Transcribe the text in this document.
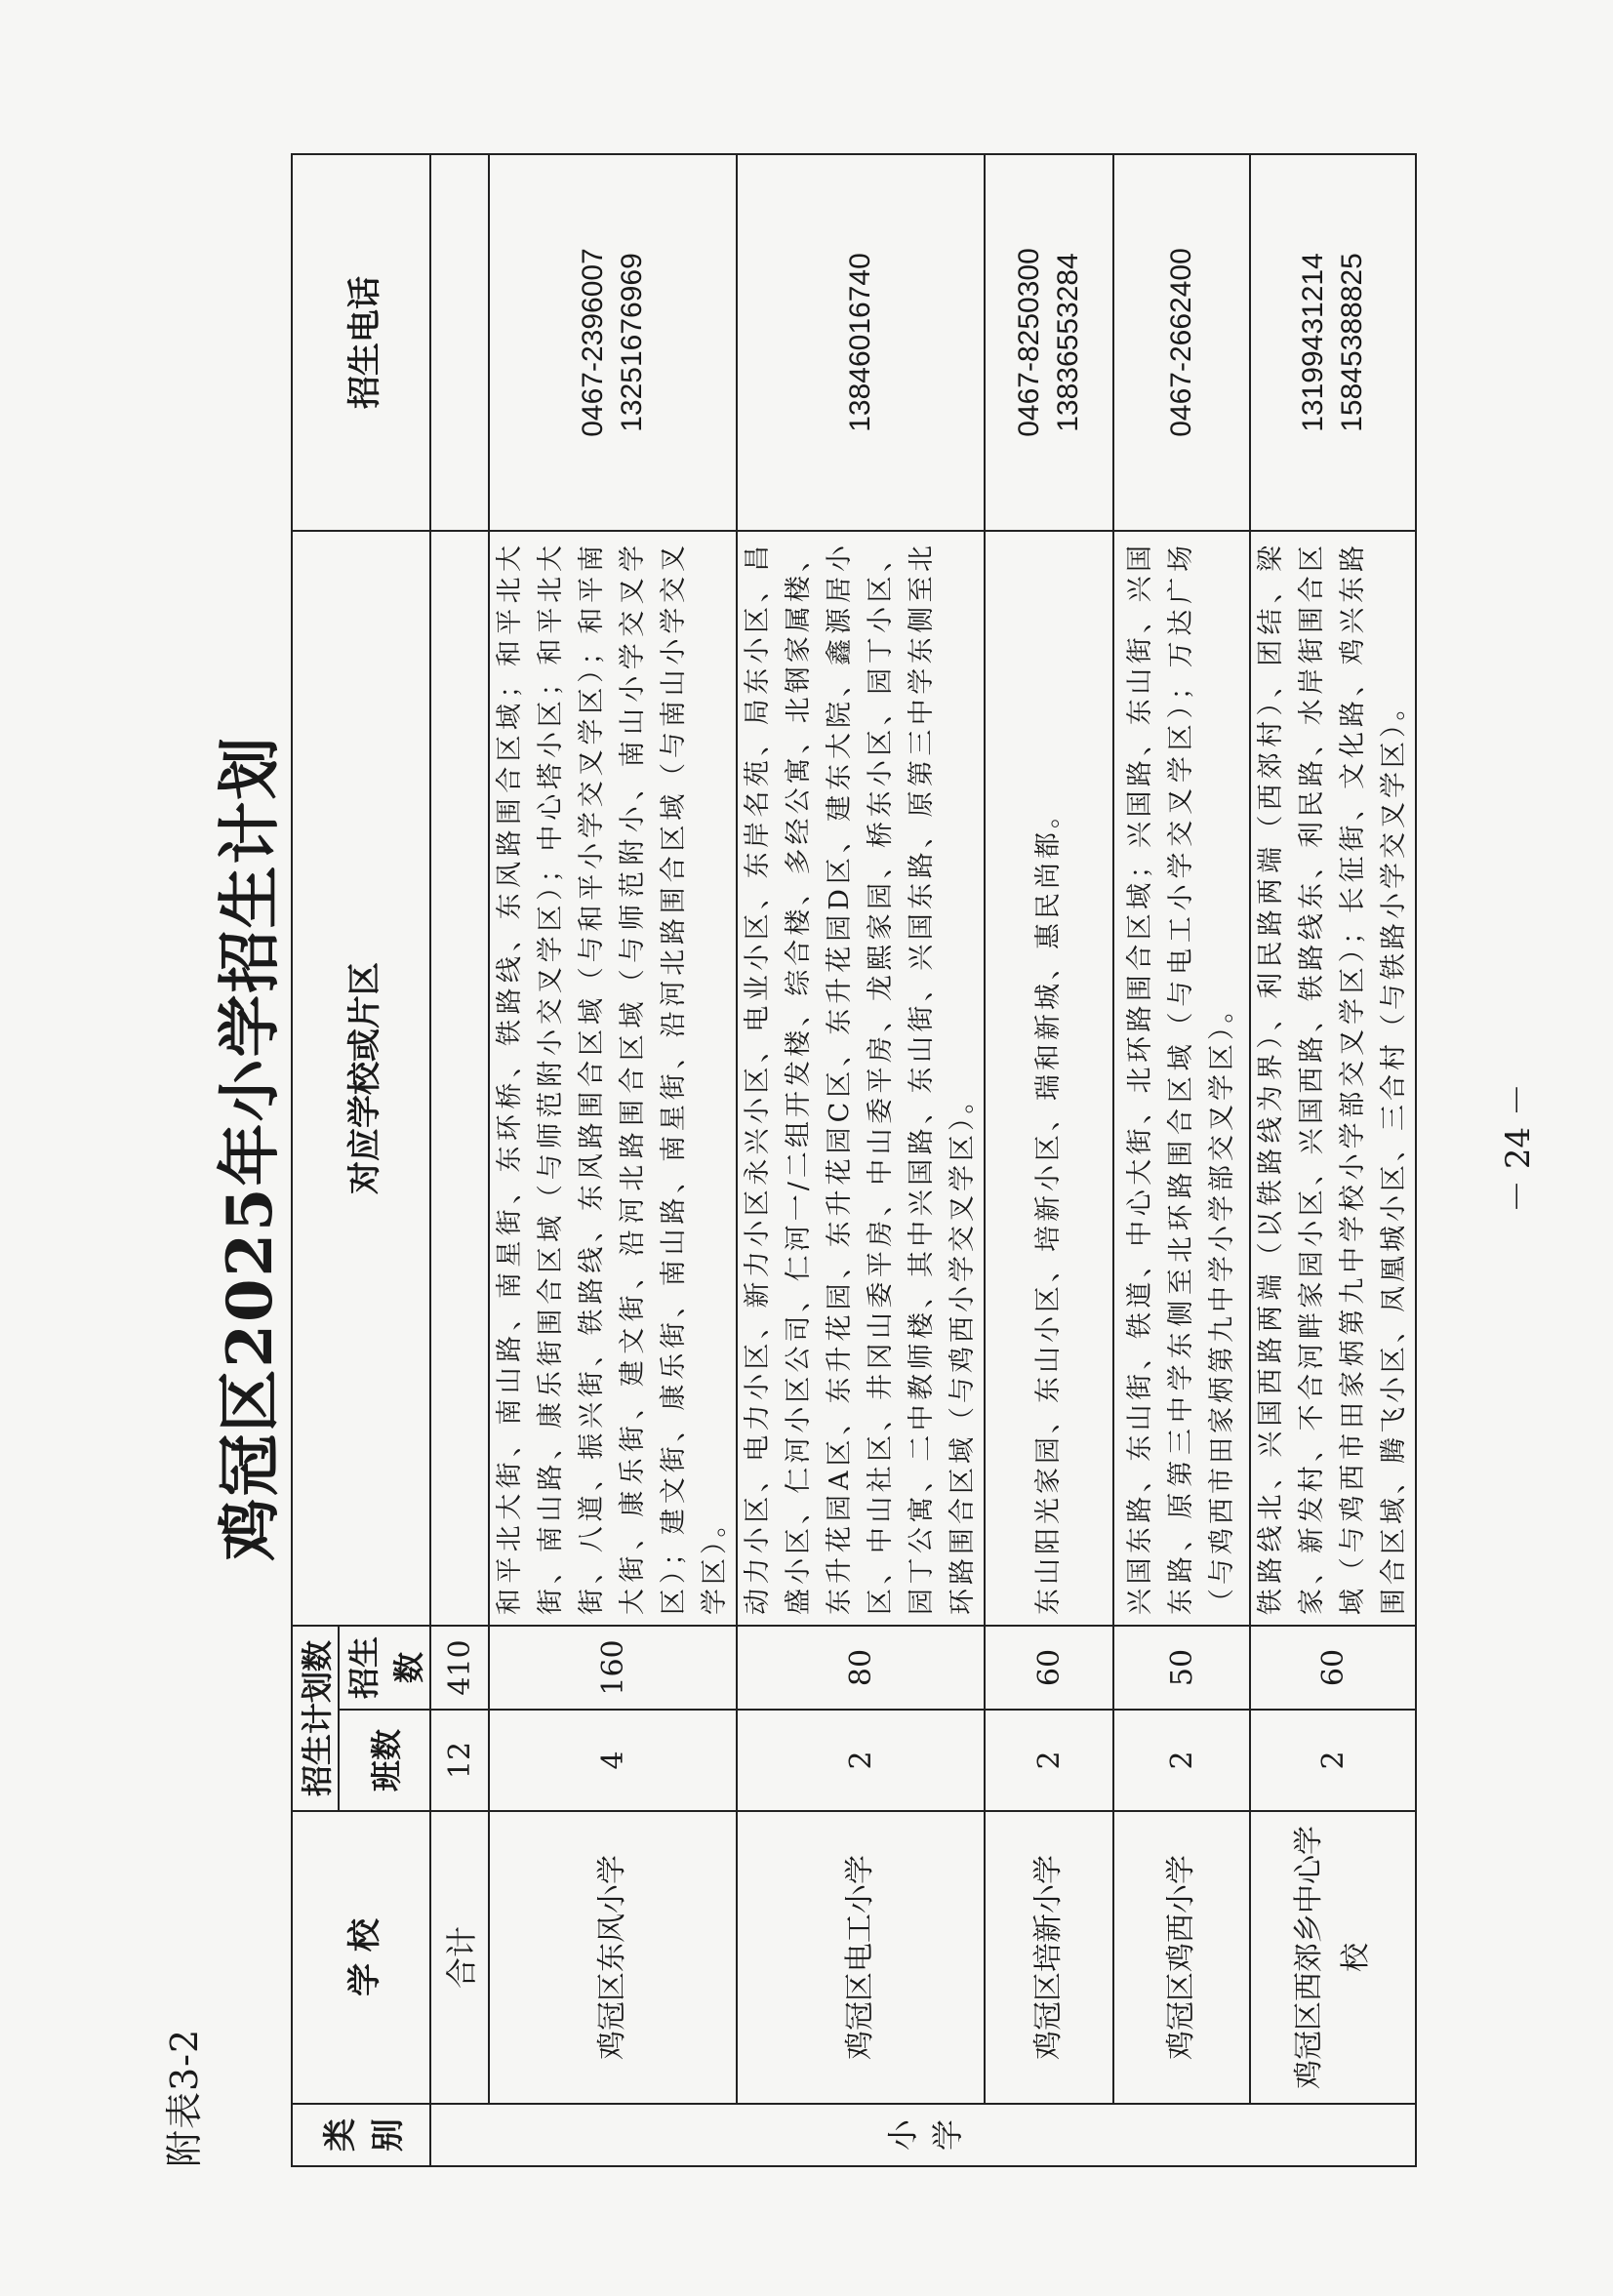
附表3-2
鸡冠区2025年小学招生计划
类 别	学 校	招生计划数		对应学校或片区	招生电话
		班数	招生数		
小学	合计	12	410		
	鸡冠区东风小学	4	160	和平北大街、南山路、南星街、东环桥、铁路线、东风路围合区域；和平北大街、南山路、康乐街围合区域（与师范附小交叉学区）；中心塔小区；和平北大街、八道、振兴街、铁路线、东风路围合区域（与和平小学交叉学区）；和平南大街、康乐街、建文街、沿河北路围合区域（与师范附小、南山小学交叉学区）；建文街、康乐街、南山路、南星街、沿河北路围合区域（与南山小学交叉学区）。	0467-2396007 13251676969

	鸡冠区电工小学	2	80	动力小区、电力小区、新力小区永兴小区、电业小区、东岸名苑、局东小区、昌盛小区、仁河小区公司、仁河一/二组开发楼、综合楼、多经公寓、北钢家属楼、东升花园A区、东升花园、东升花园C区、东升花园D区、建东大院、鑫源居小区、中山社区、井冈山委平房、中山委平房、龙熙家园、桥东小区、园丁小区、园丁公寓、二中教师楼、其中兴国路、东山街、兴国东路、原第三中学东侧至北环路围合区域（与鸡西小学交叉学区）。	13846016740

	鸡冠区培新小学	2	60	东山阳光家园、东山小区、培新小区、瑞和新城、惠民尚都。	0467-8250300 13836553284

	鸡冠区鸡西小学	2	50	兴国东路、东山街、铁道、中心大街、北环路围合区域；兴国路、东山街、兴国东路、原第三中学东侧至北环路围合区域（与电工小学交叉学区）；万达广场（与鸡西市田家炳第九中学小学部交叉学区）。	0467-2662400

	鸡冠区西郊乡中心学校	2	60	铁路线北、兴国西路两端（以铁路线为界）、利民路两端（西郊村）、团结、梁家、新发村、不合河畔家园小区、兴国西路、铁路线东、利民路、水岸街围合区域（与鸡西市田家炳第九中学校小学部交叉学区）；长征街、文化路、鸡兴东路围合区域、腾飞小区、凤凰城小区、三合村（与铁路小学交叉学区）。	13199431214 15845388825
－ 24 －
